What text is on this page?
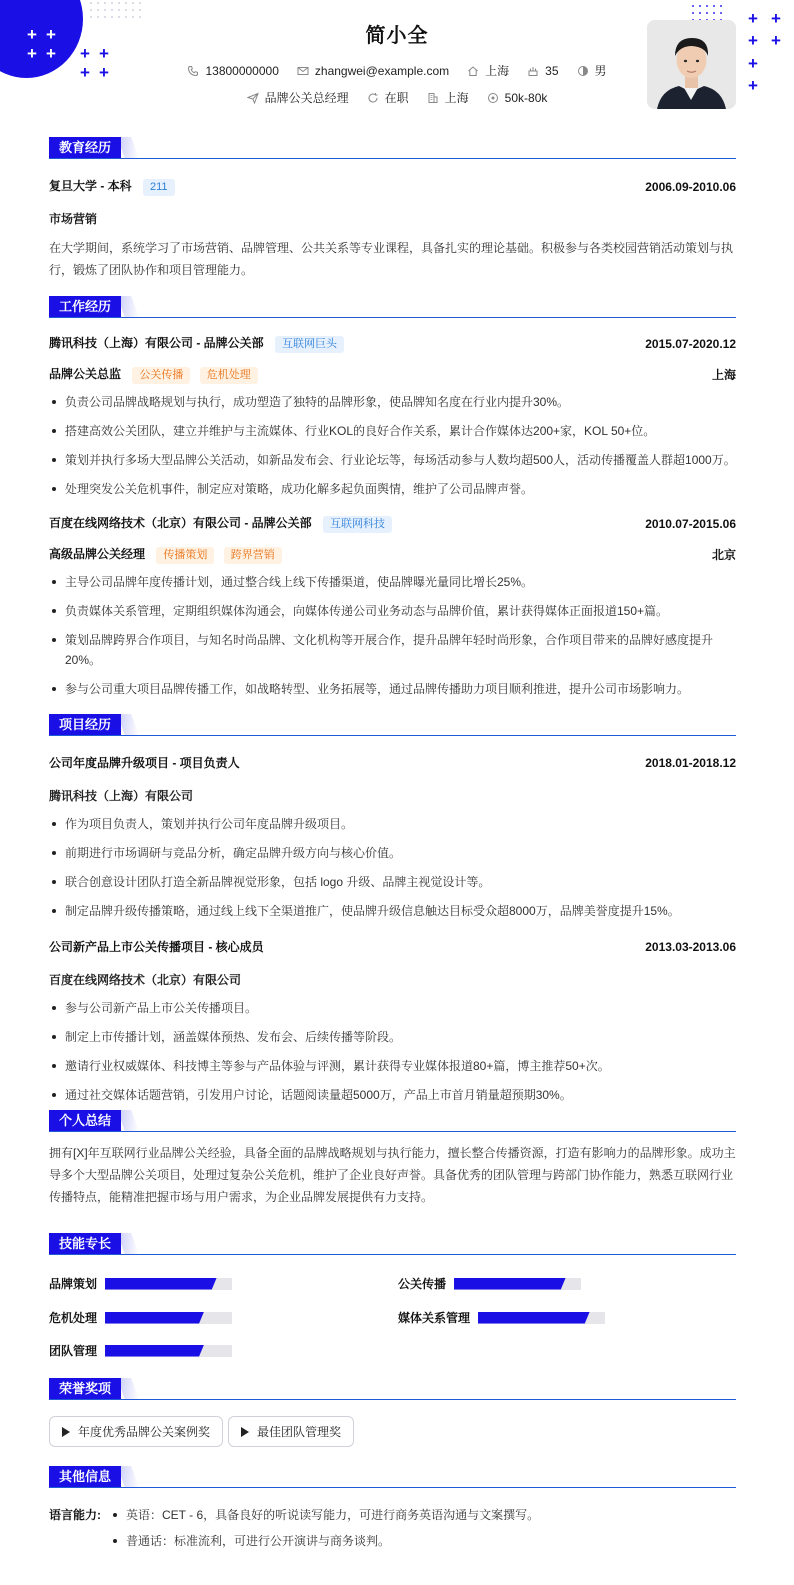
+ +
+ + + +
+ +
+ +
+ +
+
+
简小全
13800000000	zhangwei@example.com	上海	35	男
品牌公关总经理	在职	上海	50k-80k
教育经历
复旦大学 - 本科 211	2006.09-2010.06
市场营销
在大学期间，系统学习了市场营销、品牌管理、公共关系等专业课程，具备扎实的理论基础。积极参与各类校园营销活动策划与执行，锻炼了团队协作和项目管理能力。
工作经历
腾讯科技（上海）有限公司 - 品牌公关部 互联网巨头	2015.07-2020.12
品牌公关总监 公关传播 危机处理	上海
负责公司品牌战略规划与执行，成功塑造了独特的品牌形象，使品牌知名度在行业内提升30%。
搭建高效公关团队，建立并维护与主流媒体、行业KOL的良好合作关系，累计合作媒体达200+家，KOL 50+位。
策划并执行多场大型品牌公关活动，如新品发布会、行业论坛等，每场活动参与人数均超500人，活动传播覆盖人群超1000万。
处理突发公关危机事件，制定应对策略，成功化解多起负面舆情，维护了公司品牌声誉。
百度在线网络技术（北京）有限公司 - 品牌公关部 互联网科技	2010.07-2015.06
高级品牌公关经理 传播策划 跨界营销	北京
主导公司品牌年度传播计划，通过整合线上线下传播渠道，使品牌曝光量同比增长25%。
负责媒体关系管理，定期组织媒体沟通会，向媒体传递公司业务动态与品牌价值，累计获得媒体正面报道150+篇。
策划品牌跨界合作项目，与知名时尚品牌、文化机构等开展合作，提升品牌年轻时尚形象，合作项目带来的品牌好感度提升20%。
参与公司重大项目品牌传播工作，如战略转型、业务拓展等，通过品牌传播助力项目顺利推进，提升公司市场影响力。
项目经历
公司年度品牌升级项目 - 项目负责人	2018.01-2018.12
腾讯科技（上海）有限公司
作为项目负责人，策划并执行公司年度品牌升级项目。
前期进行市场调研与竞品分析，确定品牌升级方向与核心价值。
联合创意设计团队打造全新品牌视觉形象，包括 logo 升级、品牌主视觉设计等。
制定品牌升级传播策略，通过线上线下全渠道推广，使品牌升级信息触达目标受众超8000万，品牌美誉度提升15%。
公司新产品上市公关传播项目 - 核心成员	2013.03-2013.06
百度在线网络技术（北京）有限公司
参与公司新产品上市公关传播项目。
制定上市传播计划，涵盖媒体预热、发布会、后续传播等阶段。
邀请行业权威媒体、科技博主等参与产品体验与评测，累计获得专业媒体报道80+篇，博主推荐50+次。
通过社交媒体话题营销，引发用户讨论，话题阅读量超5000万，产品上市首月销量超预期30%。
个人总结
拥有[X]年互联网行业品牌公关经验，具备全面的品牌战略规划与执行能力，擅长整合传播资源，打造有影响力的品牌形象。成功主导多个大型品牌公关项目，处理过复杂公关危机，维护了企业良好声誉。具备优秀的团队管理与跨部门协作能力，熟悉互联网行业传播特点，能精准把握市场与用户需求，为企业品牌发展提供有力支持。
技能专长
品牌策划	公关传播
危机处理	媒体关系管理
团队管理
荣誉奖项
年度优秀品牌公关案例奖	最佳团队管理奖
其他信息
语言能力:	英语：CET - 6，具备良好的听说读写能力，可进行商务英语沟通与文案撰写。
普通话：标准流利，可进行公开演讲与商务谈判。
